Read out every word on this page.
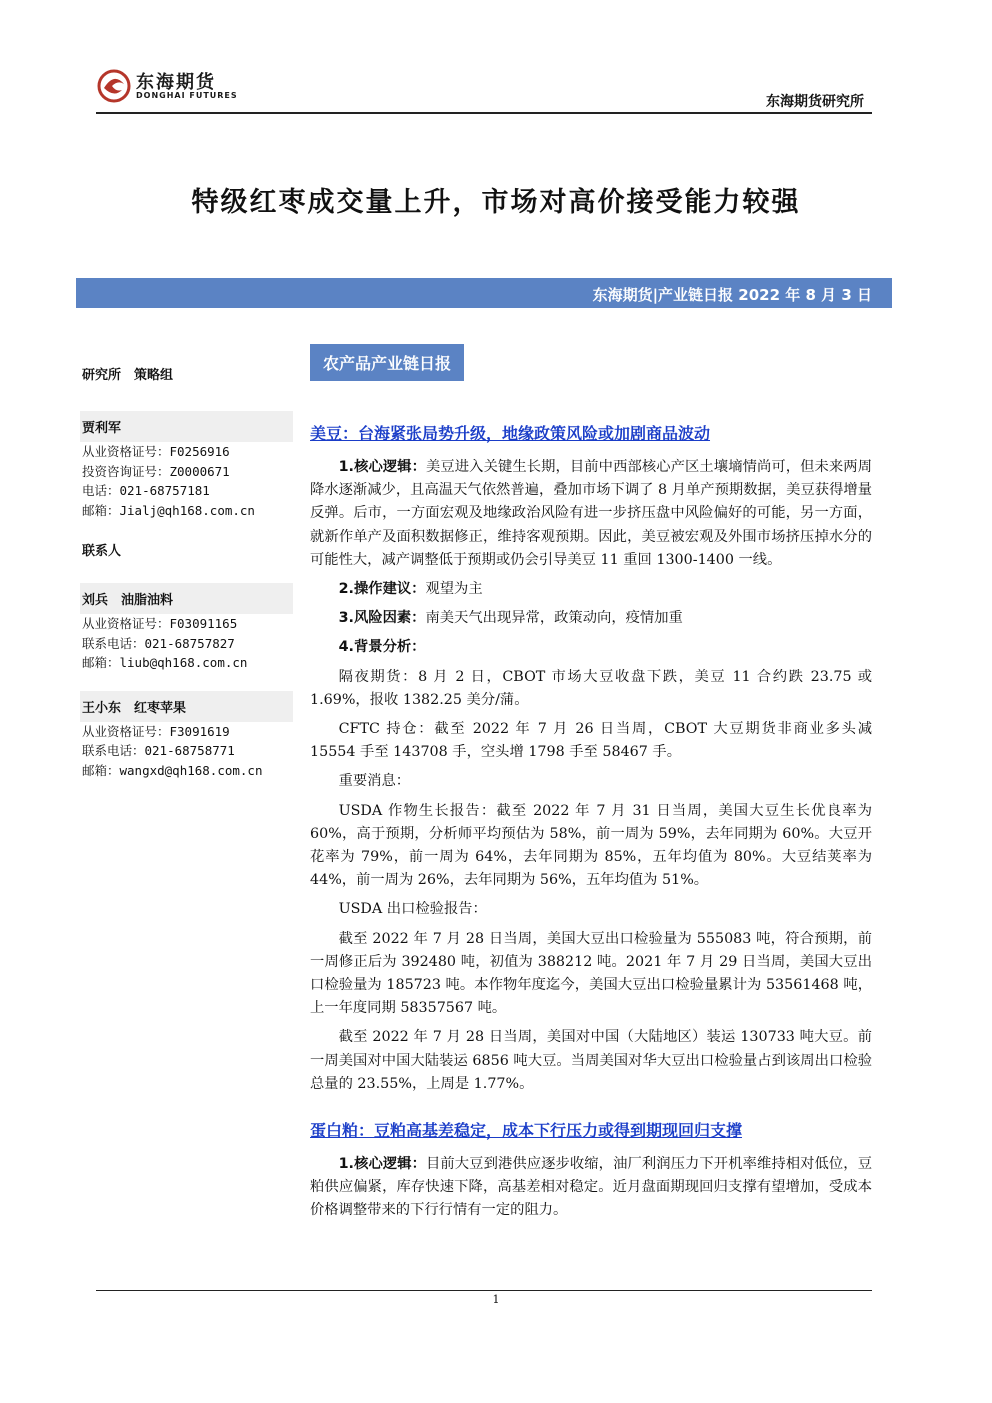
东海期货
DONGHAI FUTURES	东海期货研究所
特级红枣成交量上升，市场对高价接受能力较强
东海期货|产业链日报 2022 年 8 月 3 日
研究所　策略组
贾利军
从业资格证号：F0256916
投资咨询证号：Z0000671
电话：021-68757181
邮箱：Jialj@qh168.com.cn
联系人
刘兵　油脂油料
从业资格证号：F03091165
联系电话：021-68757827
邮箱：liub@qh168.com.cn
王小东　红枣苹果
从业资格证号：F3091619
联系电话：021-68758771
邮箱：wangxd@qh168.com.cn
农产品产业链日报

美豆：台海紧张局势升级，地缘政策风险或加剧商品波动

1.核心逻辑：美豆进入关键生长期，目前中西部核心产区土壤墒情尚可，但未来两周降水逐渐减少，且高温天气依然普遍，叠加市场下调了 8 月单产预期数据，美豆获得增量反弹。后市，一方面宏观及地缘政治风险有进一步挤压盘中风险偏好的可能，另一方面，就新作单产及面积数据修正，维持客观预期。因此，美豆被宏观及外围市场挤压掉水分的可能性大，减产调整低于预期或仍会引导美豆 11 重回 1300-1400 一线。

2.操作建议：观望为主

3.风险因素：南美天气出现异常，政策动向，疫情加重

4.背景分析：

隔夜期货：8 月 2 日，CBOT 市场大豆收盘下跌，美豆 11 合约跌 23.75 或 1.69%，报收 1382.25 美分/蒲。

CFTC 持仓：截至 2022 年 7 月 26 日当周，CBOT 大豆期货非商业多头减 15554 手至 143708 手，空头增 1798 手至 58467 手。

重要消息：

USDA 作物生长报告：截至 2022 年 7 月 31 日当周，美国大豆生长优良率为 60%，高于预期，分析师平均预估为 58%，前一周为 59%，去年同期为 60%。大豆开花率为 79%，前一周为 64%，去年同期为 85%，五年均值为 80%。大豆结荚率为 44%，前一周为 26%，去年同期为 56%，五年均值为 51%。

USDA 出口检验报告：

截至 2022 年 7 月 28 日当周，美国大豆出口检验量为 555083 吨，符合预期，前一周修正后为 392480 吨，初值为 388212 吨。2021 年 7 月 29 日当周，美国大豆出口检验量为 185723 吨。本作物年度迄今，美国大豆出口检验量累计为 53561468 吨，上一年度同期 58357567 吨。

截至 2022 年 7 月 28 日当周，美国对中国（大陆地区）装运 130733 吨大豆。前一周美国对中国大陆装运 6856 吨大豆。当周美国对华大豆出口检验量占到该周出口检验总量的 23.55%，上周是 1.77%。

蛋白粕：豆粕高基差稳定，成本下行压力或得到期现回归支撑

1.核心逻辑：目前大豆到港供应逐步收缩，油厂利润压力下开机率维持相对低位，豆粕供应偏紧，库存快速下降，高基差相对稳定。近月盘面期现回归支撑有望增加，受成本价格调整带来的下行行情有一定的阻力。

1
